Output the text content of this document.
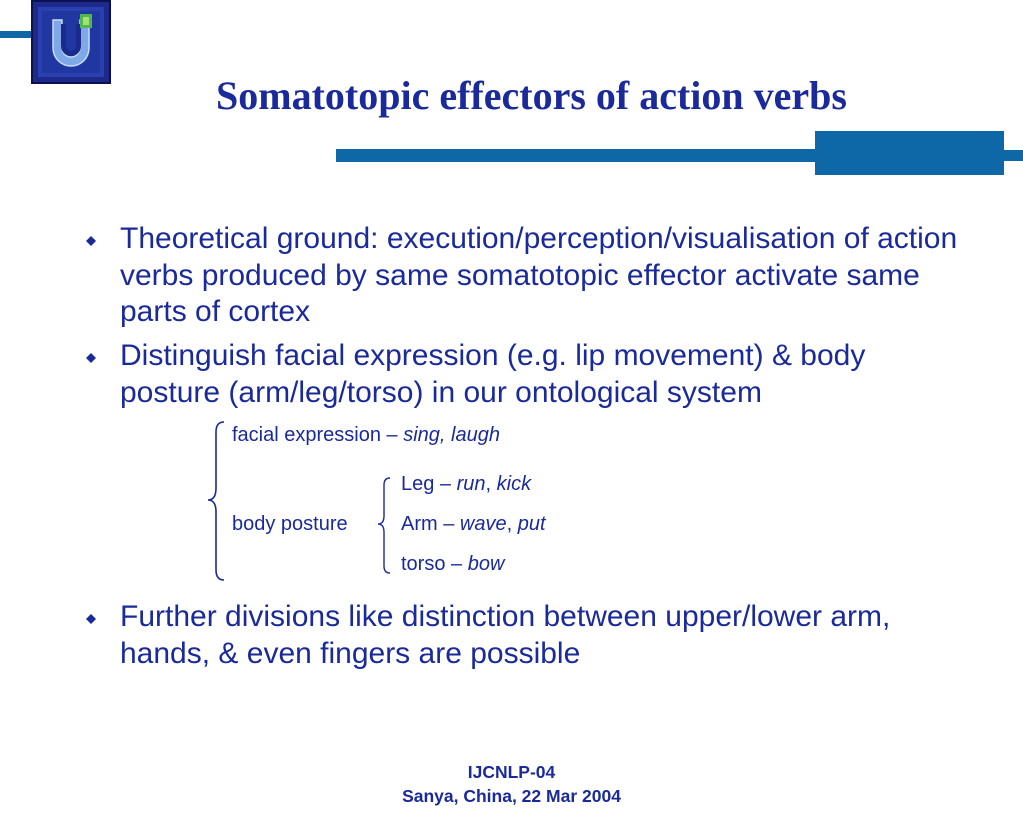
Somatotopic effectors of action verbs
Theoretical ground: execution/perception/visualisation of action verbs produced by same somatotopic effector activate same parts of cortex
Distinguish facial expression (e.g. lip movement) & body posture (arm/leg/torso) in our ontological system
facial expression – sing, laugh
body posture
Leg – run, kick
Arm – wave, put
torso – bow
Further divisions like distinction between upper/lower arm, hands, & even fingers are possible
IJCNLP-04
Sanya, China, 22 Mar 2004
